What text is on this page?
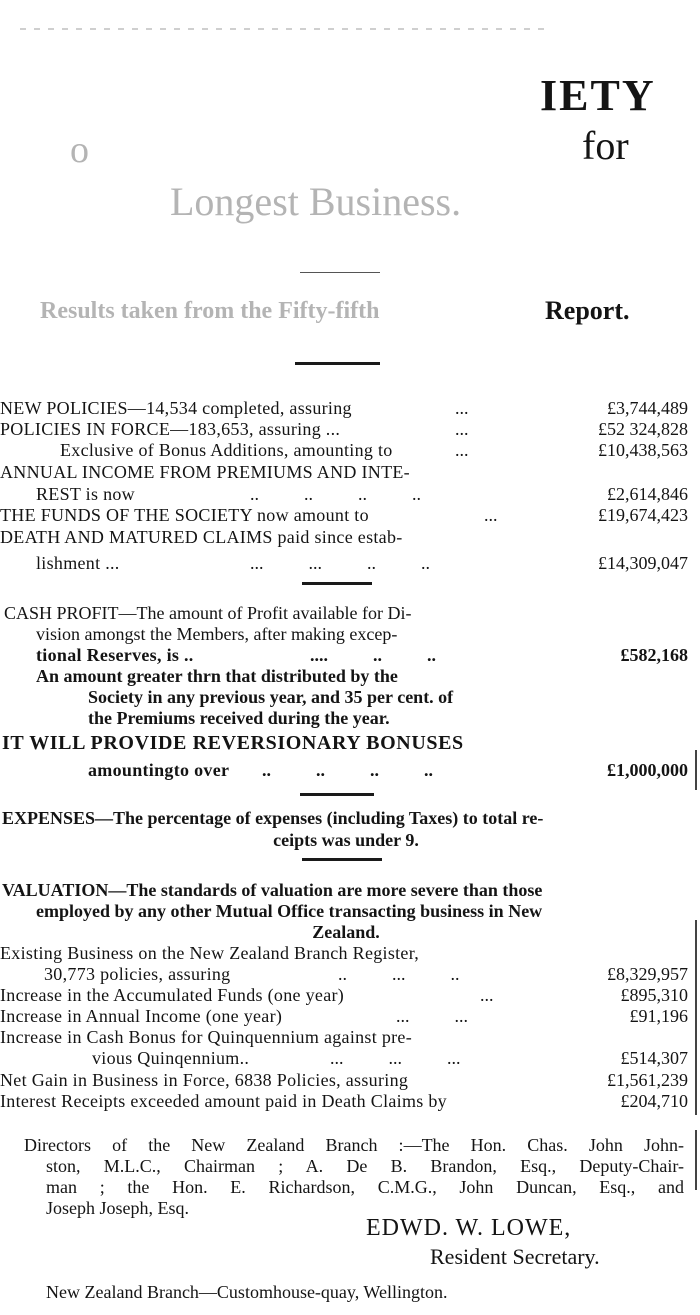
IETY
o	for
Longest Business.
Results taken from the Fifty-fifth	Report.
NEW POLICIES—14,534 completed, assuring	...	£3,744,489
POLICIES IN FORCE—183,653, assuring ...	...	£52 324,828
Exclusive of Bonus Additions, amounting to	...	£10,438,563
ANNUAL INCOME FROM PREMIUMS AND INTE-
REST is now	..          ..          ..          ..	£2,614,846
THE FUNDS OF THE SOCIETY now amount to	...	£19,674,423
DEATH AND MATURED CLAIMS paid since estab-
lishment ...	...          ...          ..          ..	£14,309,047
CASH PROFIT—The amount of Profit available for Di-
vision amongst the Members, after making excep-
tional Reserves, is ..	....          ..          ..	£582,168
An amount greater thrn that distributed by the
Society in any previous year, and 35 per cent. of
the Premiums received during the year.
IT WILL PROVIDE REVERSIONARY BONUSES
amountingto over ..          ..          ..          ..	£1,000,000
EXPENSES—The percentage of expenses (including Taxes) to total re-
ceipts was under 9.
VALUATION—The standards of valuation are more severe than those
employed by any other Mutual Office transacting business in New
Zealand.
Existing Business on the New Zealand Branch Register,
30,773 policies, assuring	..          ...          ..	£8,329,957
Increase in the Accumulated Funds (one year)	...	£895,310
Increase in Annual Income (one year)	...          ...	£91,196
Increase in Cash Bonus for Quinquennium against pre-
vious Quinqennium..	...          ...          ...	£514,307
Net Gain in Business in Force, 6838 Policies, assuring	£1,561,239
Interest Receipts exceeded amount paid in Death Claims by	£204,710
Directors of the New Zealand Branch :—The Hon. Chas. John John-
ston, M.L.C., Chairman ; A. De B. Brandon, Esq., Deputy-Chair-
man ; the Hon. E. Richardson, C.M.G., John Duncan, Esq., and
Joseph Joseph, Esq.
EDWD. W. LOWE,
Resident Secretary.
New Zealand Branch—Customhouse-quay, Wellington.
